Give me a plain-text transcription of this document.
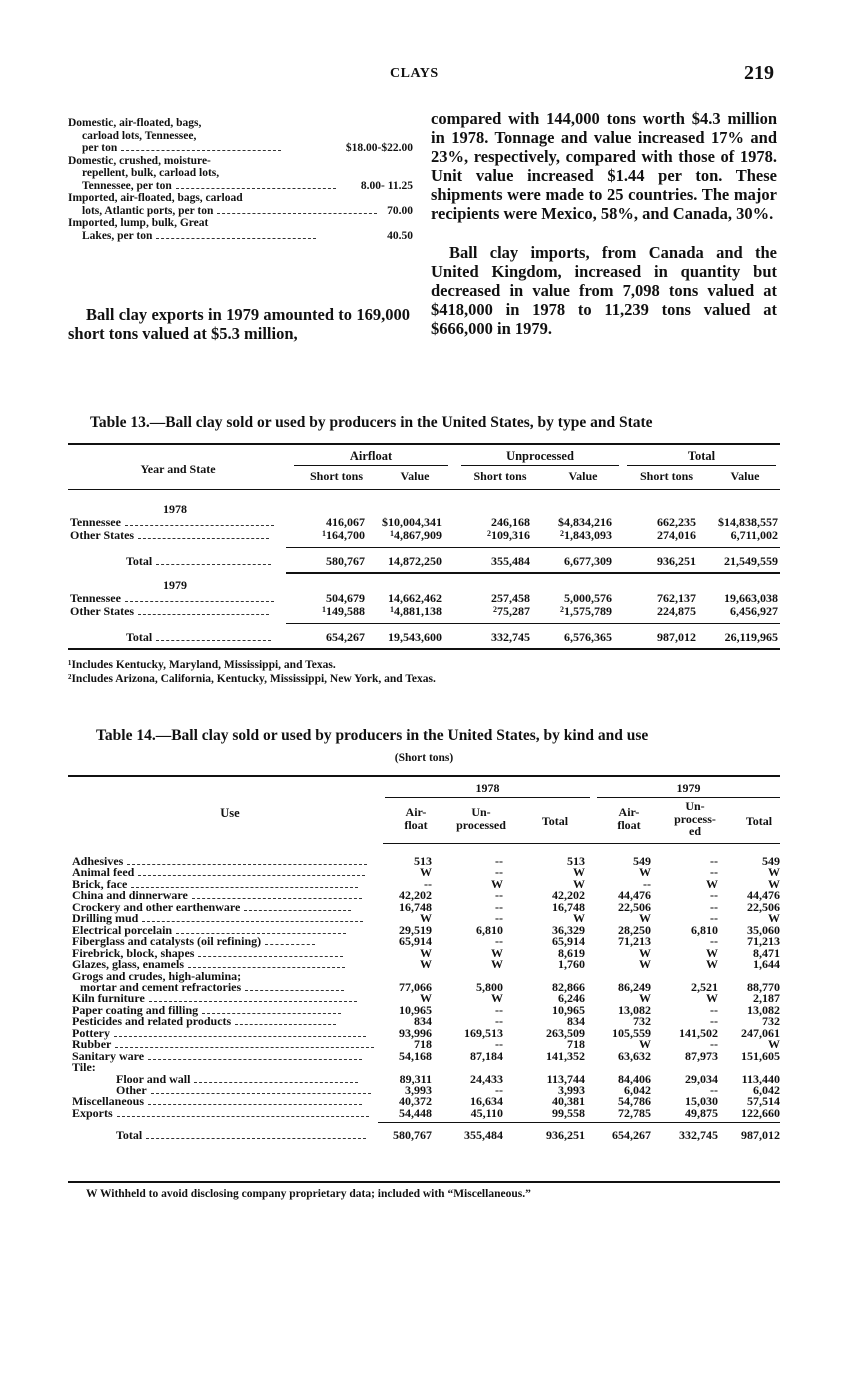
CLAYS	219
Domestic, air-floated, bags,
carload lots, Tennessee,
per ton	$18.00-$22.00
Domestic, crushed, moisture-
repellent, bulk, carload lots,
Tennessee, per ton	8.00- 11.25
Imported, air-floated, bags, carload
lots, Atlantic ports, per ton	70.00
Imported, lump, bulk, Great
Lakes, per ton	40.50
Ball clay exports in 1979 amounted to 169,000 short tons valued at $5.3 million,
compared with 144,000 tons worth $4.3 million in 1978. Tonnage and value increased 17% and 23%, respectively, compared with those of 1978. Unit value increased $1.44 per ton. These shipments were made to 25 countries. The major recipients were Mexico, 58%, and Canada, 30%.
Ball clay imports, from Canada and the United Kingdom, increased in quantity but decreased in value from 7,098 tons valued at $418,000 in 1978 to 11,239 tons valued at $666,000 in 1979.
Table 13.—Ball clay sold or used by producers in the United States, by type and State
Year and State
1978
Tennessee	416,067 $10,004,341	246,168 $4,834,216	662,235 $14,838,557
Other States	$^1$164,700	$^1$4,867,909	$^2$109,316	$^2$1,843,093	274,016	6,711,002
Total	580,767 14,872,250	355,484	6,677,309	936,251 21,549,559
1979
Tennessee	504,679 14,662,462	257,458	5,000,576	762,137 19,663,038
Other States	$^1$149,588	$^1$4,881,138	$^2$75,287	$^2$1,575,789	224,875	6,456,927
Total	654,267 19,543,600	332,745	6,576,365	987,012 26,119,965
¹Includes Kentucky, Maryland, Mississippi, and Texas.
²Includes Arizona, California, Kentucky, Mississippi, New York, and Texas.
Table 14.—Ball clay sold or used by producers in the United States, by kind and use
(Short tons)
Adhesives	513	--	513	549	--	549
Animal feed	W	--	W	W	--	W
Brick, face	--	W	W	--	W	W
China and dinnerware	42,202	--	42,202	44,476	-- 44,476
Crockery and other earthenware	16,748	--	16,748	22,506	-- 22,506
Drilling mud	W	--	W	W	--	W
Electrical porcelain	29,519	6,810	36,329	28,250	6,810 35,060
Fiberglass and catalysts (oil refining)	65,914	--	65,914	71,213	-- 71,213
Firebrick, block, shapes	W	W	8,619	W	W	8,471
Glazes, glass, enamels	W	W	1,760	W	W	1,644
Grogs and crudes, high-alumina;
mortar and cement refractories	77,066	5,800	82,866	86,249	2,521 88,770
Kiln furniture	W	W	6,246	W	W	2,187
Paper coating and filling	10,965	--	10,965	13,082	-- 13,082
Pesticides and related products	834	--	834	732	--	732
Pottery	93,996	169,513	263,509 105,559 141,502 247,061
Rubber	718	--	718	W	--	W
Sanitary ware	54,168	87,184	141,352	63,632	87,973 151,605
Tile:
Floor and wall	89,311	24,433	113,744	84,406	29,034 113,440
Other	3,993	--	3,993	6,042	--	6,042
Miscellaneous	40,372	16,634	40,381	54,786	15,030 57,514
Exports	54,448	45,110	99,558	72,785	49,875 122,660
Total	580,767	355,484	936,251 654,267 332,745 987,012
W Withheld to avoid disclosing company proprietary data; included with “Miscellaneous.”
Airfloat	Unprocessed	Total
Short tons	Value	Short tons	Value	Short tons	Value
Use
1978	1979
Air-
float
Un-
processed	Total
Air-
float
Un-
process-
ed
Total
